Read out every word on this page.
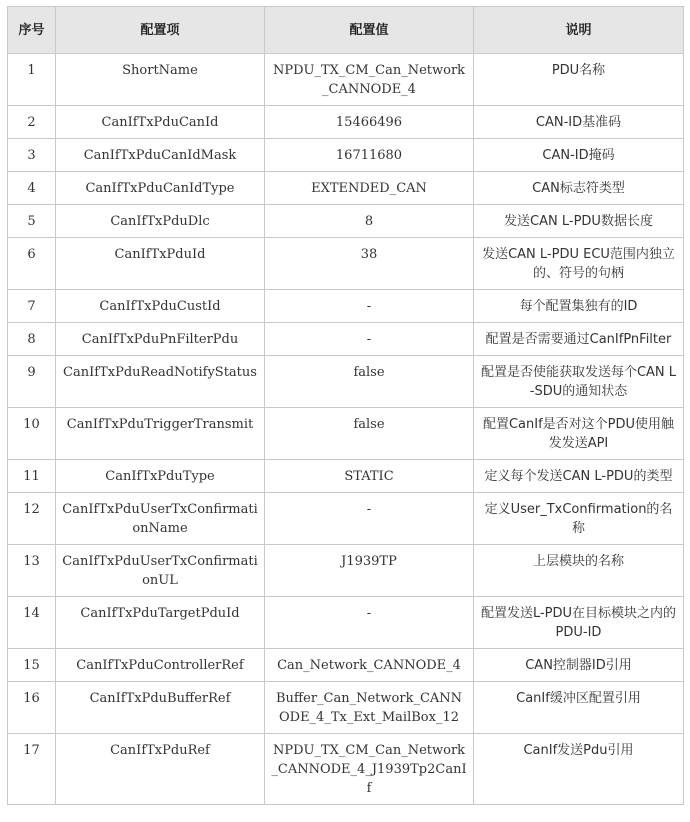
序号	配置项	配置值	说明
1	ShortName	NPDU_TX_CM_Can_Network_CANNODE_4	PDU名称
2	CanIfTxPduCanId	15466496	CAN-ID基准码
3	CanIfTxPduCanIdMask	16711680	CAN-ID掩码
4	CanIfTxPduCanIdType	EXTENDED_CAN	CAN标志符类型
5	CanIfTxPduDlc	8	发送CAN L-PDU数据长度
6	CanIfTxPduId	38	发送CAN L-PDU ECU范围内独立的、符号的句柄
7	CanIfTxPduCustId	-	每个配置集独有的ID
8	CanIfTxPduPnFilterPdu	-	配置是否需要通过CanIfPnFilter
9	CanIfTxPduReadNotifyStatus	false	配置是否使能获取发送每个CAN L-SDU的通知状态
10	CanIfTxPduTriggerTransmit	false	配置CanIf是否对这个PDU使用触发发送API
11	CanIfTxPduType	STATIC	定义每个发送CAN L-PDU的类型
12	CanIfTxPduUserTxConfirmationName	-	定义User_TxConfirmation的名称
13	CanIfTxPduUserTxConfirmationUL	J1939TP	上层模块的名称
14	CanIfTxPduTargetPduId	-	配置发送L-PDU在目标模块之内的PDU-ID
15	CanIfTxPduControllerRef	Can_Network_CANNODE_4	CAN控制器ID引用
16	CanIfTxPduBufferRef	Buffer_Can_Network_CANNODE_4_Tx_Ext_MailBox_12	CanIf缓冲区配置引用
17	CanIfTxPduRef	NPDU_TX_CM_Can_Network_CANNODE_4_J1939Tp2CanIf	CanIf发送Pdu引用
